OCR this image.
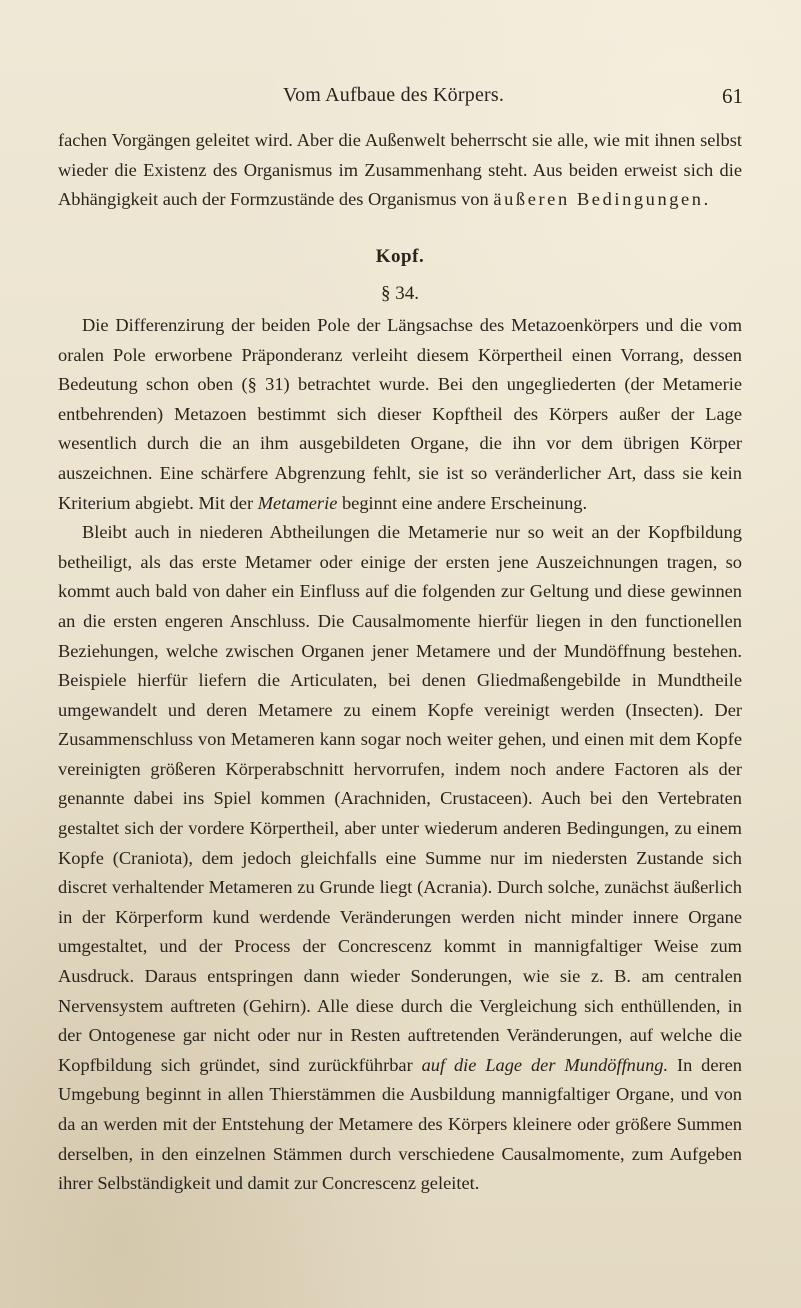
Vom Aufbaue des Körpers.	61

fachen Vorgängen geleitet wird. Aber die Außenwelt beherrscht sie alle, wie mit ihnen selbst wieder die Existenz des Organismus im Zusammenhang steht. Aus beiden erweist sich die Abhängigkeit auch der Formzustände des Organismus von äußeren Bedingungen.

Kopf.

§ 34.

Die Differenzirung der beiden Pole der Längsachse des Metazoenkörpers und die vom oralen Pole erworbene Präponderanz verleiht diesem Körpertheil einen Vorrang, dessen Bedeutung schon oben (§ 31) betrachtet wurde. Bei den ungegliederten (der Metamerie entbehrenden) Metazoen bestimmt sich dieser Kopftheil des Körpers außer der Lage wesentlich durch die an ihm ausgebildeten Organe, die ihn vor dem übrigen Körper auszeichnen. Eine schärfere Abgrenzung fehlt, sie ist so veränderlicher Art, dass sie kein Kriterium abgiebt. Mit der Metamerie beginnt eine andere Erscheinung.

Bleibt auch in niederen Abtheilungen die Metamerie nur so weit an der Kopfbildung betheiligt, als das erste Metamer oder einige der ersten jene Auszeichnungen tragen, so kommt auch bald von daher ein Einfluss auf die folgenden zur Geltung und diese gewinnen an die ersten engeren Anschluss. Die Causalmomente hierfür liegen in den functionellen Beziehungen, welche zwischen Organen jener Metamere und der Mundöffnung bestehen. Beispiele hierfür liefern die Articulaten, bei denen Gliedmaßengebilde in Mundtheile umgewandelt und deren Metamere zu einem Kopfe vereinigt werden (Insecten). Der Zusammenschluss von Metameren kann sogar noch weiter gehen, und einen mit dem Kopfe vereinigten größeren Körperabschnitt hervorrufen, indem noch andere Factoren als der genannte dabei ins Spiel kommen (Arachniden, Crustaceen). Auch bei den Vertebraten gestaltet sich der vordere Körpertheil, aber unter wiederum anderen Bedingungen, zu einem Kopfe (Craniota), dem jedoch gleichfalls eine Summe nur im niedersten Zustande sich discret verhaltender Metameren zu Grunde liegt (Acrania). Durch solche, zunächst äußerlich in der Körperform kund werdende Veränderungen werden nicht minder innere Organe umgestaltet, und der Process der Concrescenz kommt in mannigfaltiger Weise zum Ausdruck. Daraus entspringen dann wieder Sonderungen, wie sie z. B. am centralen Nervensystem auftreten (Gehirn). Alle diese durch die Vergleichung sich enthüllenden, in der Ontogenese gar nicht oder nur in Resten auftretenden Veränderungen, auf welche die Kopfbildung sich gründet, sind zurückführbar auf die Lage der Mundöffnung. In deren Umgebung beginnt in allen Thierstämmen die Ausbildung mannigfaltiger Organe, und von da an werden mit der Entstehung der Metamere des Körpers kleinere oder größere Summen derselben, in den einzelnen Stämmen durch verschiedene Causalmomente, zum Aufgeben ihrer Selbständigkeit und damit zur Concrescenz geleitet.
